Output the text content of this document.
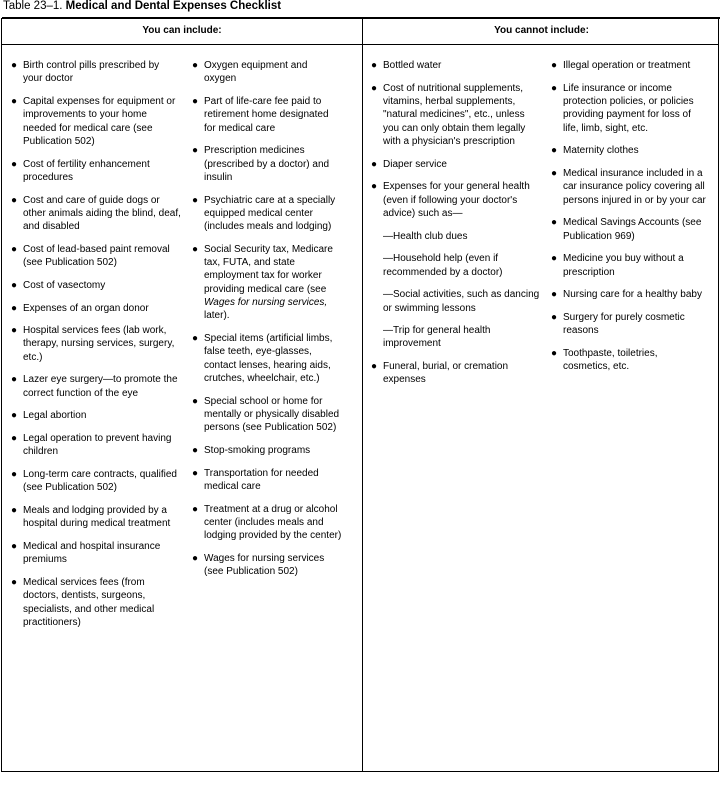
Table 23–1. Medical and Dental Expenses Checklist
You can include:	You cannot include:
● Birth control pills prescribed by your doctor
● Capital expenses for equipment or improvements to your home needed for medical care (see Publication 502)
● Cost of fertility enhancement procedures
● Cost and care of guide dogs or other animals aiding the blind, deaf, and disabled
● Cost of lead-based paint removal (see Publication 502)
● Cost of vasectomy
● Expenses of an organ donor
● Hospital services fees (lab work, therapy, nursing services, surgery, etc.)
● Lazer eye surgery—to promote the correct function of the eye
● Legal abortion
● Legal operation to prevent having children
● Long-term care contracts, qualified (see Publication 502)
● Meals and lodging provided by a hospital during medical treatment
● Medical and hospital insurance premiums
● Medical services fees (from doctors, dentists, surgeons, specialists, and other medical practitioners)
● Oxygen equipment and oxygen
● Part of life-care fee paid to retirement home designated for medical care
● Prescription medicines (prescribed by a doctor) and insulin
● Psychiatric care at a specially equipped medical center (includes meals and lodging)
● Social Security tax, Medicare tax, FUTA, and state employment tax for worker providing medical care (see Wages for nursing services, later).
● Special items (artificial limbs, false teeth, eye-glasses, contact lenses, hearing aids, crutches, wheelchair, etc.)
● Special school or home for mentally or physically disabled persons (see Publication 502)
● Stop-smoking programs
● Transportation for needed medical care
● Treatment at a drug or alcohol center (includes meals and lodging provided by the center)
● Wages for nursing services (see Publication 502)
● Bottled water
● Cost of nutritional supplements, vitamins, herbal supplements, "natural medicines", etc., unless you can only obtain them legally with a physician's prescription
● Diaper service
● Expenses for your general health (even if following your doctor's advice) such as—
—Health club dues
—Household help (even if recommended by a doctor)
—Social activities, such as dancing or swimming lessons
—Trip for general health improvement
● Funeral, burial, or cremation expenses
● Illegal operation or treatment
● Life insurance or income protection policies, or policies providing payment for loss of life, limb, sight, etc.
● Maternity clothes
● Medical insurance included in a car insurance policy covering all persons injured in or by your car
● Medical Savings Accounts (see Publication 969)
● Medicine you buy without a prescription
● Nursing care for a healthy baby
● Surgery for purely cosmetic reasons
● Toothpaste, toiletries, cosmetics, etc.
